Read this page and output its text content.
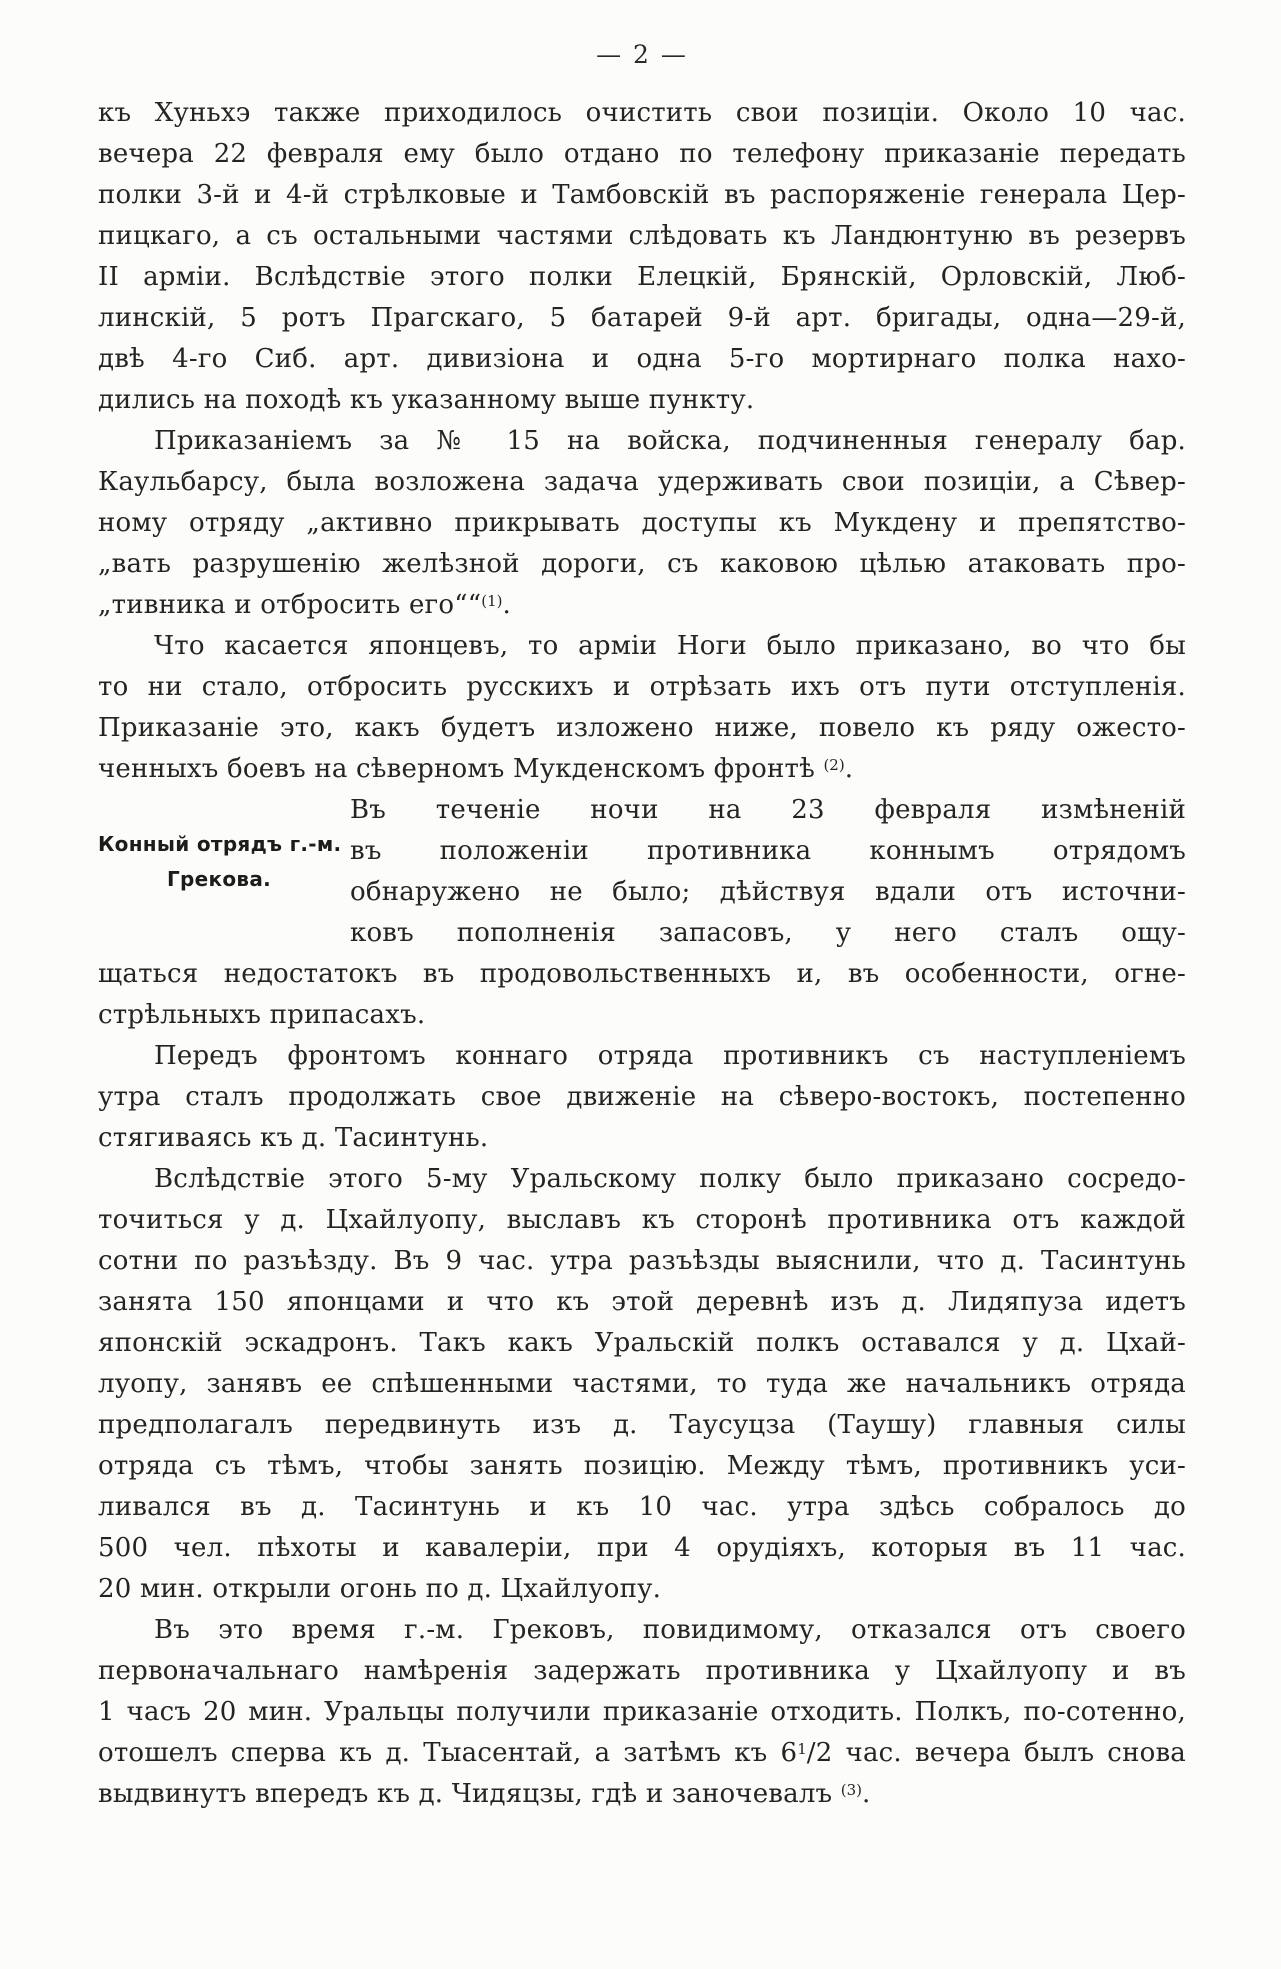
— 2 —
къ Хуньхэ также приходилось очистить свои позиціи. Около 10 час.
вечера 22 февраля ему было отдано по телефону приказаніе передать
полки 3-й и 4-й стрѣлковые и Тамбовскій въ распоряженіе генерала Цер-
пицкаго, а съ остальными частями слѣдовать къ Ландюнтуню въ резервъ
II арміи. Вслѣдствіе этого полки Елецкій, Брянскій, Орловскій, Люб-
линскій, 5 ротъ Прагскаго, 5 батарей 9-й арт. бригады, одна—29-й,
двѣ 4-го Сиб. арт. дивизіона и одна 5-го мортирнаго полка нахо-
дились на походѣ къ указанному выше пункту.
Приказаніемъ за № 15 на войска, подчиненныя генералу бар.
Каульбарсу, была возложена задача удерживать свои позиціи, а Сѣвер-
ному отряду „активно прикрывать доступы къ Мукдену и препятство-
„вать разрушенію желѣзной дороги, съ каковою цѣлью атаковать про-
„тивника и отбросить его““$^{(1)}$.
Что касается японцевъ, то арміи Ноги было приказано, во что бы
то ни стало, отбросить русскихъ и отрѣзать ихъ отъ пути отступленія.
Приказаніе это, какъ будетъ изложено ниже, повело къ ряду ожесто-
ченныхъ боевъ на сѣверномъ Мукденскомъ фронтѣ $^{(2)}$.
Конный отрядъ г.-м.
Грекова.
Въ теченіе ночи на 23 февраля измѣненій
въ положеніи противника коннымъ отрядомъ
обнаружено не было; дѣйствуя вдали отъ источни-
ковъ пополненія запасовъ, у него сталъ ощу-
щаться недостатокъ въ продовольственныхъ и, въ особенности, огне-
стрѣльныхъ припасахъ.
Передъ фронтомъ коннаго отряда противникъ съ наступленіемъ
утра сталъ продолжать свое движеніе на сѣверо-востокъ, постепенно
стягиваясь къ д. Тасинтунь.
Вслѣдствіе этого 5-му Уральскому полку было приказано сосредо-
точиться у д. Цхайлуопу, выславъ къ сторонѣ противника отъ каждой
сотни по разъѣзду. Въ 9 час. утра разъѣзды выяснили, что д. Тасинтунь
занята 150 японцами и что къ этой деревнѣ изъ д. Лидяпуза идетъ
японскій эскадронъ. Такъ какъ Уральскій полкъ оставался у д. Цхай-
луопу, занявъ ее спѣшенными частями, то туда же начальникъ отряда
предполагалъ передвинуть изъ д. Таусуцза (Таушу) главныя силы
отряда съ тѣмъ, чтобы занять позицію. Между тѣмъ, противникъ уси-
ливался въ д. Тасинтунь и къ 10 час. утра здѣсь собралось до
500 чел. пѣхоты и кавалеріи, при 4 орудіяхъ, которыя въ 11 час.
20 мин. открыли огонь по д. Цхайлуопу.
Въ это время г.-м. Грековъ, повидимому, отказался отъ своего
первоначальнаго намѣренія задержать противника у Цхайлуопу и въ
1 часъ 20 мин. Уральцы получили приказаніе отходить. Полкъ, по-сотенно,
отошелъ сперва къ д. Тыасентай, а затѣмъ къ 6$^1$/2 час. вечера былъ снова
выдвинутъ впередъ къ д. Чидяцзы, гдѣ и заночевалъ $^{(3)}$.
